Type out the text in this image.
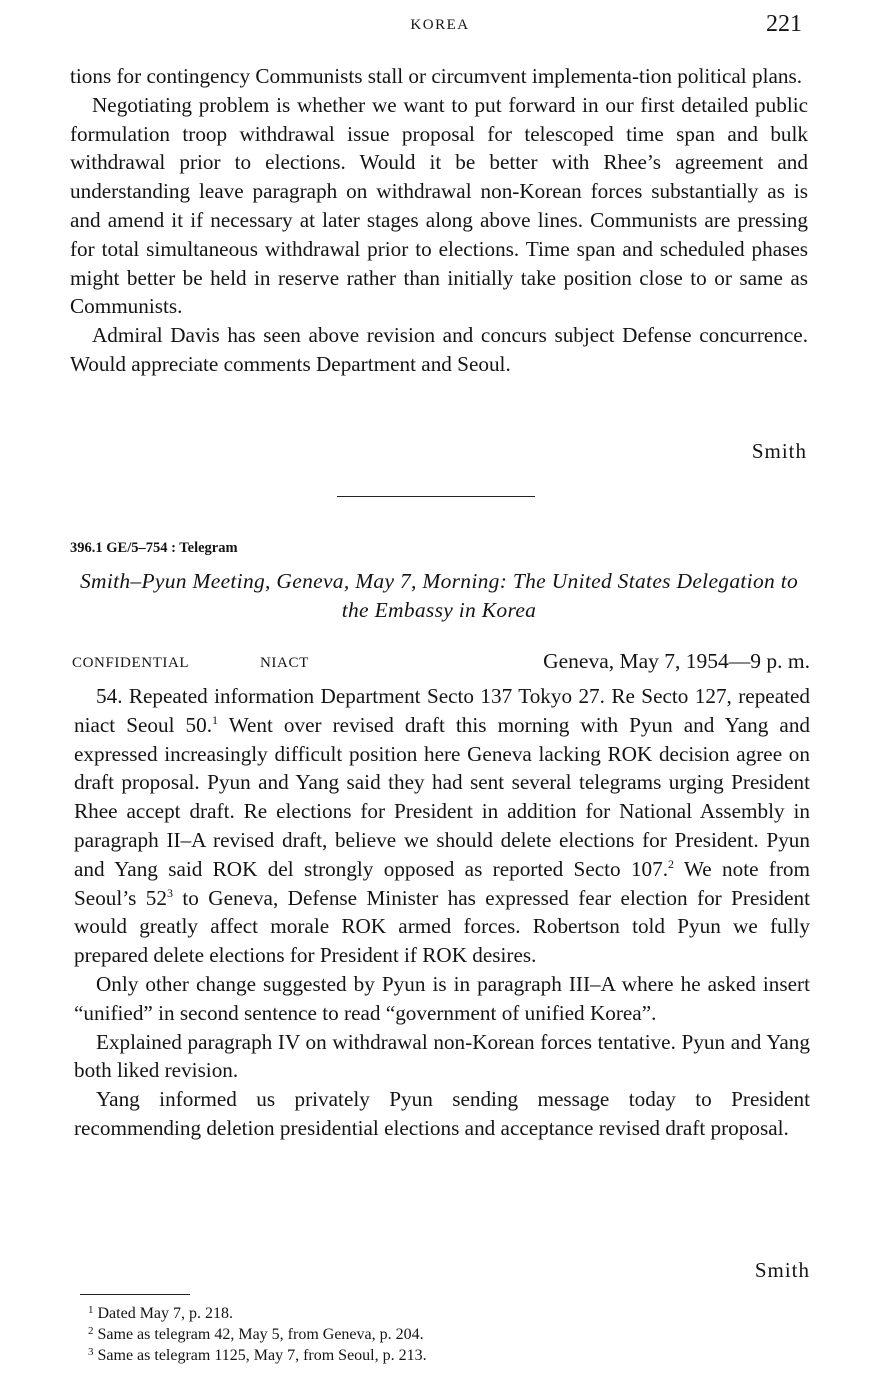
KOREA	221

tions for contingency Communists stall or circumvent implementa-tion political plans.

Negotiating problem is whether we want to put forward in our first detailed public formulation troop withdrawal issue proposal for telescoped time span and bulk withdrawal prior to elections. Would it be better with Rhee’s agreement and understanding leave paragraph on withdrawal non-Korean forces substantially as is and amend it if necessary at later stages along above lines. Communists are pressing for total simultaneous withdrawal prior to elections. Time span and scheduled phases might better be held in reserve rather than initially take position close to or same as Communists.

Admiral Davis has seen above revision and concurs subject Defense concurrence. Would appreciate comments Department and Seoul.

Smith
396.1 GE/5–754 : Telegram
Smith–Pyun Meeting, Geneva, May 7, Morning: The United States Delegation to the Embassy in Korea
CONFIDENTIAL	NIACT	Geneva, May 7, 1954—9 p. m.

54. Repeated information Department Secto 137 Tokyo 27. Re Secto 127, repeated niact Seoul 50.$^1$ Went over revised draft this morning with Pyun and Yang and expressed increasingly difficult position here Geneva lacking ROK decision agree on draft proposal. Pyun and Yang said they had sent several telegrams urging President Rhee accept draft. Re elections for President in addition for National Assembly in paragraph II–A revised draft, believe we should delete elections for President. Pyun and Yang said ROK del strongly opposed as reported Secto 107.$^2$ We note from Seoul’s $52^3$ to Geneva, Defense Minister has expressed fear election for President would greatly affect morale ROK armed forces. Robertson told Pyun we fully prepared delete elections for President if ROK desires.

Only other change suggested by Pyun is in paragraph III–A where he asked insert “unified” in second sentence to read “government of unified Korea”.

Explained paragraph IV on withdrawal non-Korean forces tentative. Pyun and Yang both liked revision.

Yang informed us privately Pyun sending message today to President recommending deletion presidential elections and acceptance revised draft proposal.

Smith
$^1$ Dated May 7, p. 218.
$^2$ Same as telegram 42, May 5, from Geneva, p. 204.
$^3$ Same as telegram 1125, May 7, from Seoul, p. 213.
